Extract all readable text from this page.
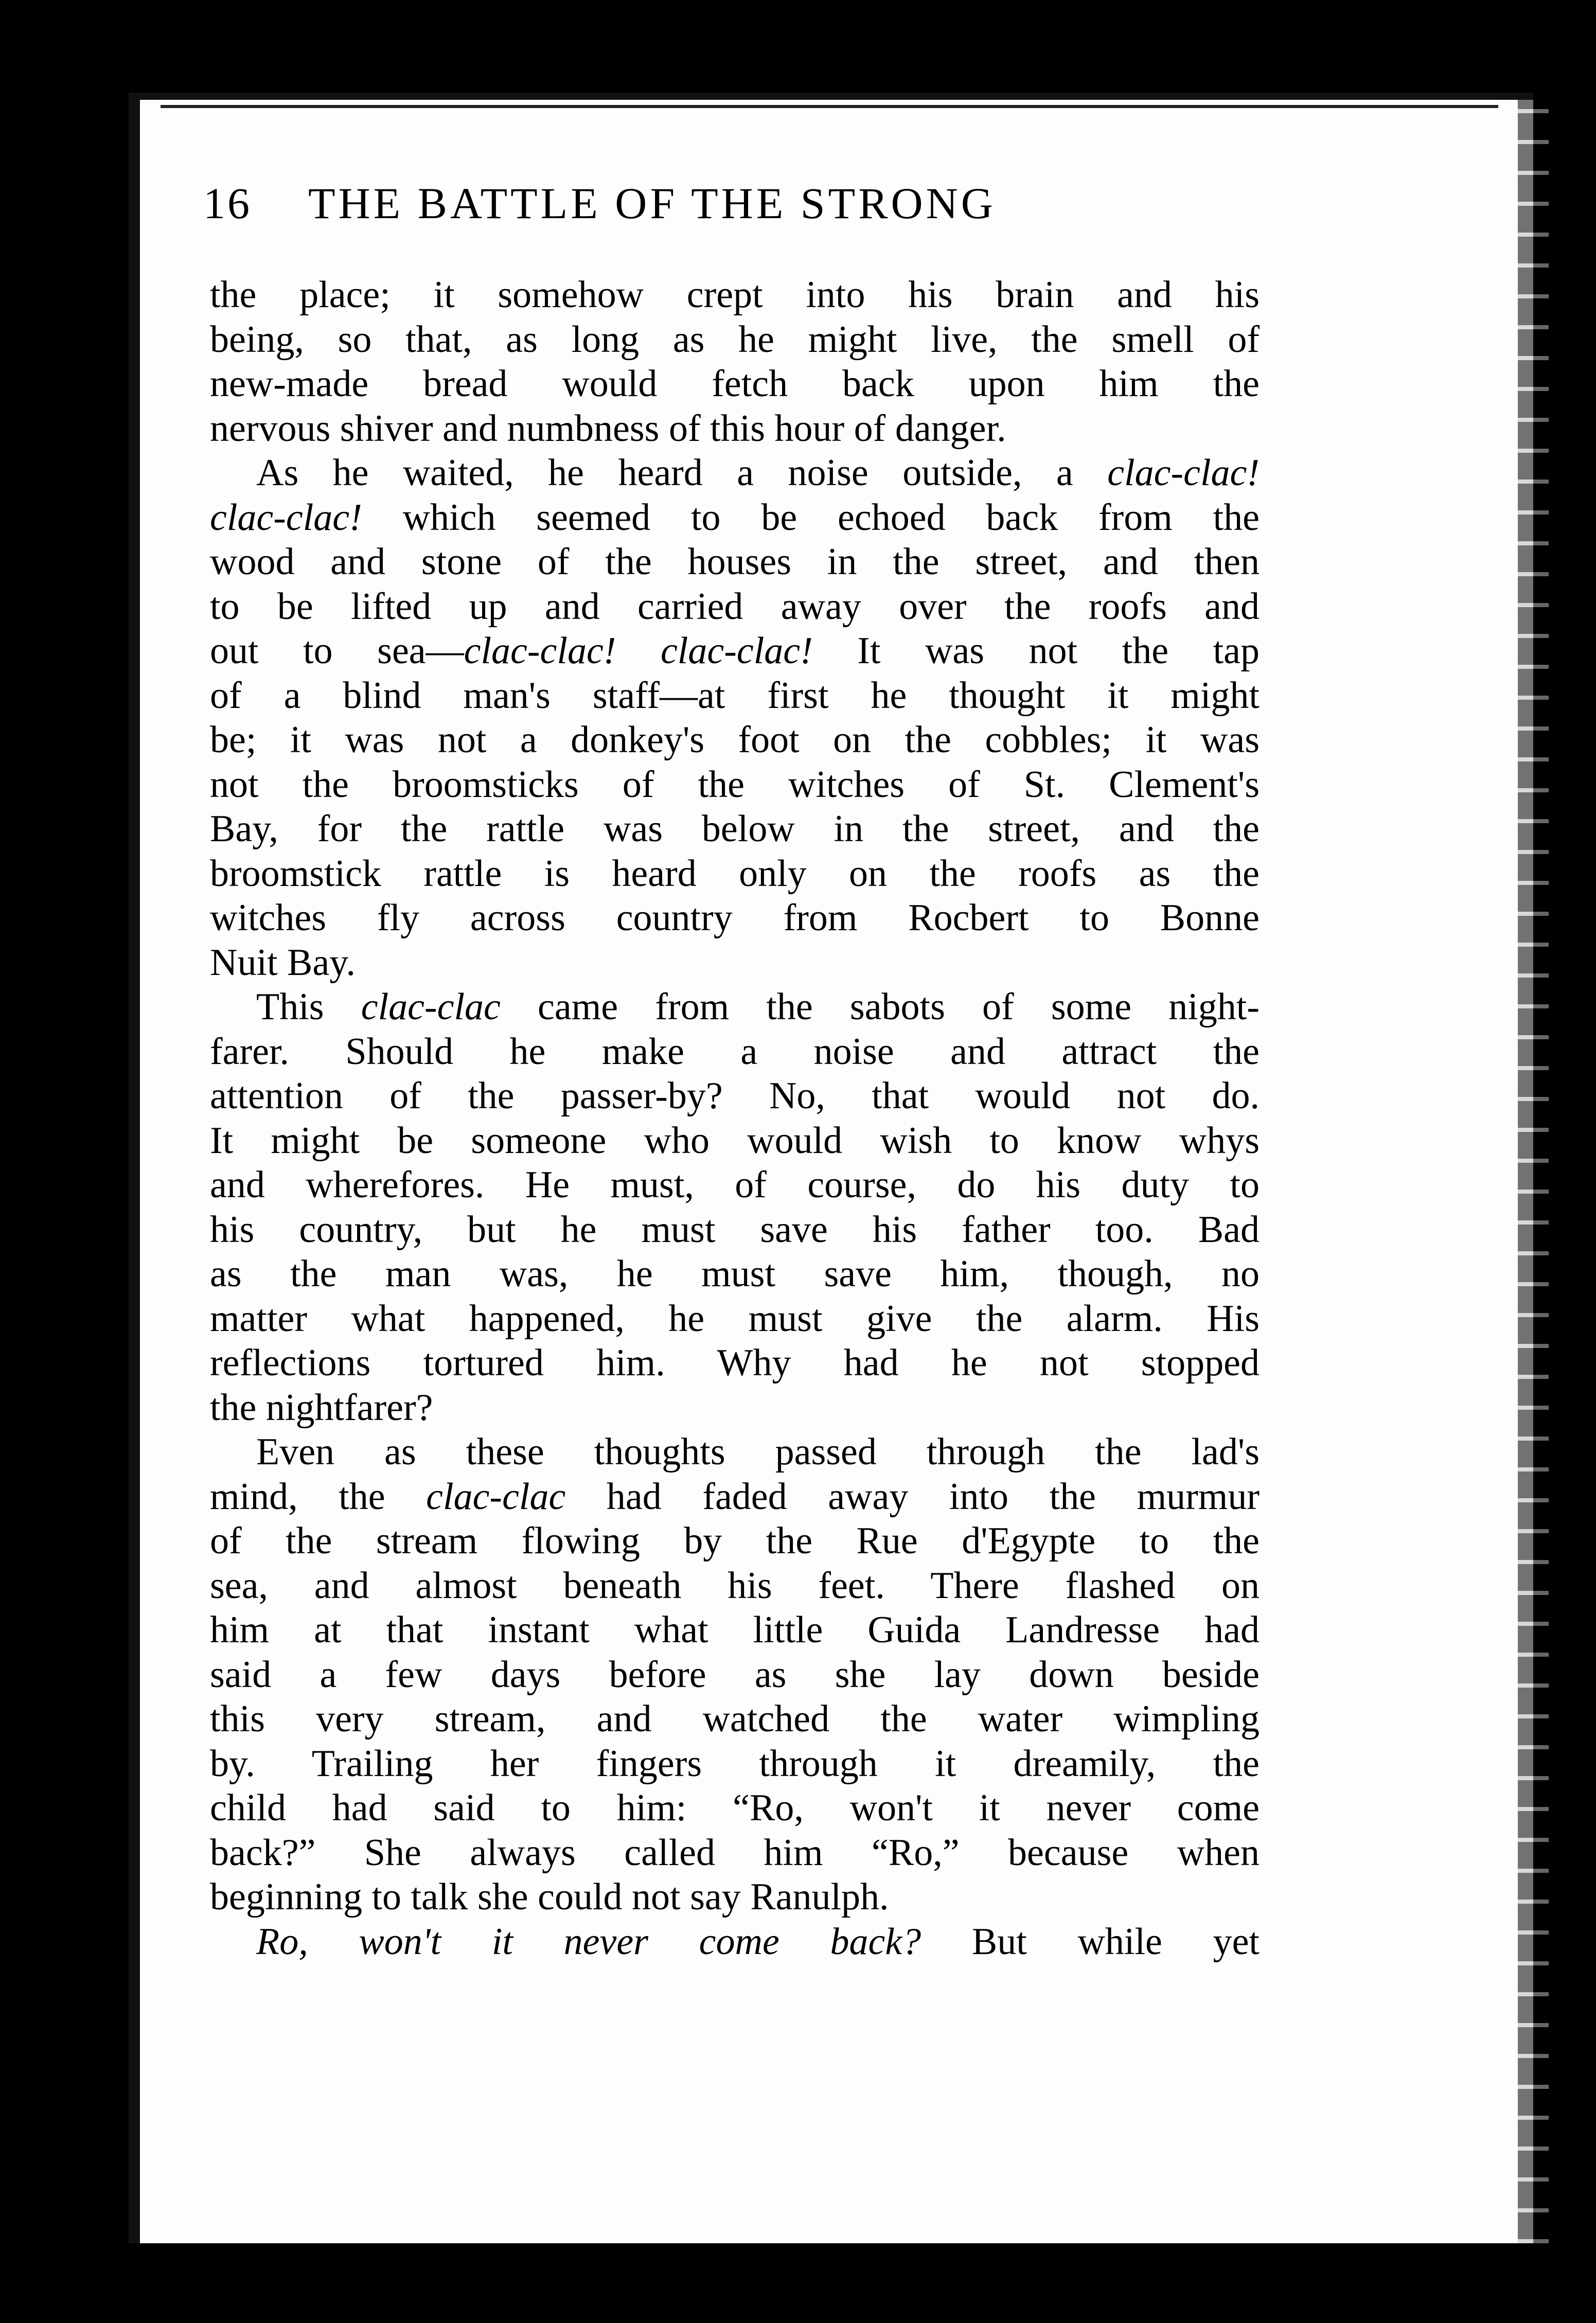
16 THE BATTLE OF THE STRONG
the place; it somehow crept into his brain and his
being, so that, as long as he might live, the smell of
new-made bread would fetch back upon him the
nervous shiver and numbness of this hour of danger.
As he waited, he heard a noise outside, a clac-clac!
clac-clac! which seemed to be echoed back from the
wood and stone of the houses in the street, and then
to be lifted up and carried away over the roofs and
out to sea—clac-clac! clac-clac! It was not the tap
of a blind man's staff—at first he thought it might
be; it was not a donkey's foot on the cobbles; it was
not the broomsticks of the witches of St. Clement's
Bay, for the rattle was below in the street, and the
broomstick rattle is heard only on the roofs as the
witches fly across country from Rocbert to Bonne
Nuit Bay.
This clac-clac came from the sabots of some night-
farer. Should he make a noise and attract the
attention of the passer-by? No, that would not do.
It might be someone who would wish to know whys
and wherefores. He must, of course, do his duty to
his country, but he must save his father too. Bad
as the man was, he must save him, though, no
matter what happened, he must give the alarm. His
reflections tortured him. Why had he not stopped
the nightfarer?
Even as these thoughts passed through the lad's
mind, the clac-clac had faded away into the murmur
of the stream flowing by the Rue d'Egypte to the
sea, and almost beneath his feet. There flashed on
him at that instant what little Guida Landresse had
said a few days before as she lay down beside
this very stream, and watched the water wimpling
by. Trailing her fingers through it dreamily, the
child had said to him: “Ro, won't it never come
back?” She always called him “Ro,” because when
beginning to talk she could not say Ranulph.
Ro, won't it never come back? But while yet
